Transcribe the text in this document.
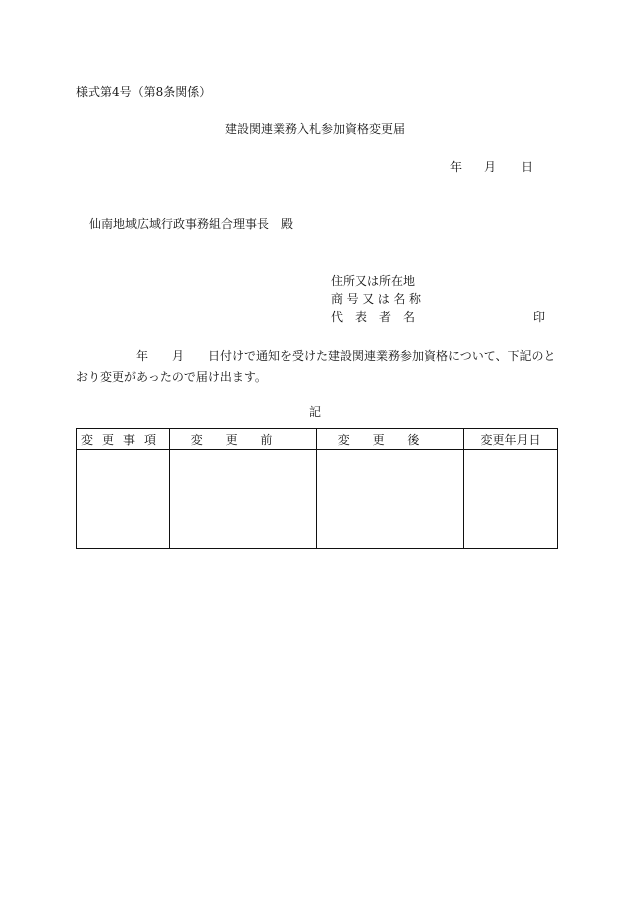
様式第4号（第8条関係）
建設関連業務入札参加資格変更届
年 月 日
仙南地域広域行政事務組合理事長　殿
住所又は所在地
商号又は名称
代　表　者　名	印
年 月 日付けで通知を受けた建設関連業務参加資格について、下記のと
おり変更があったので届け出ます。
記
変更事項	変更前	変更後	変更年月日
